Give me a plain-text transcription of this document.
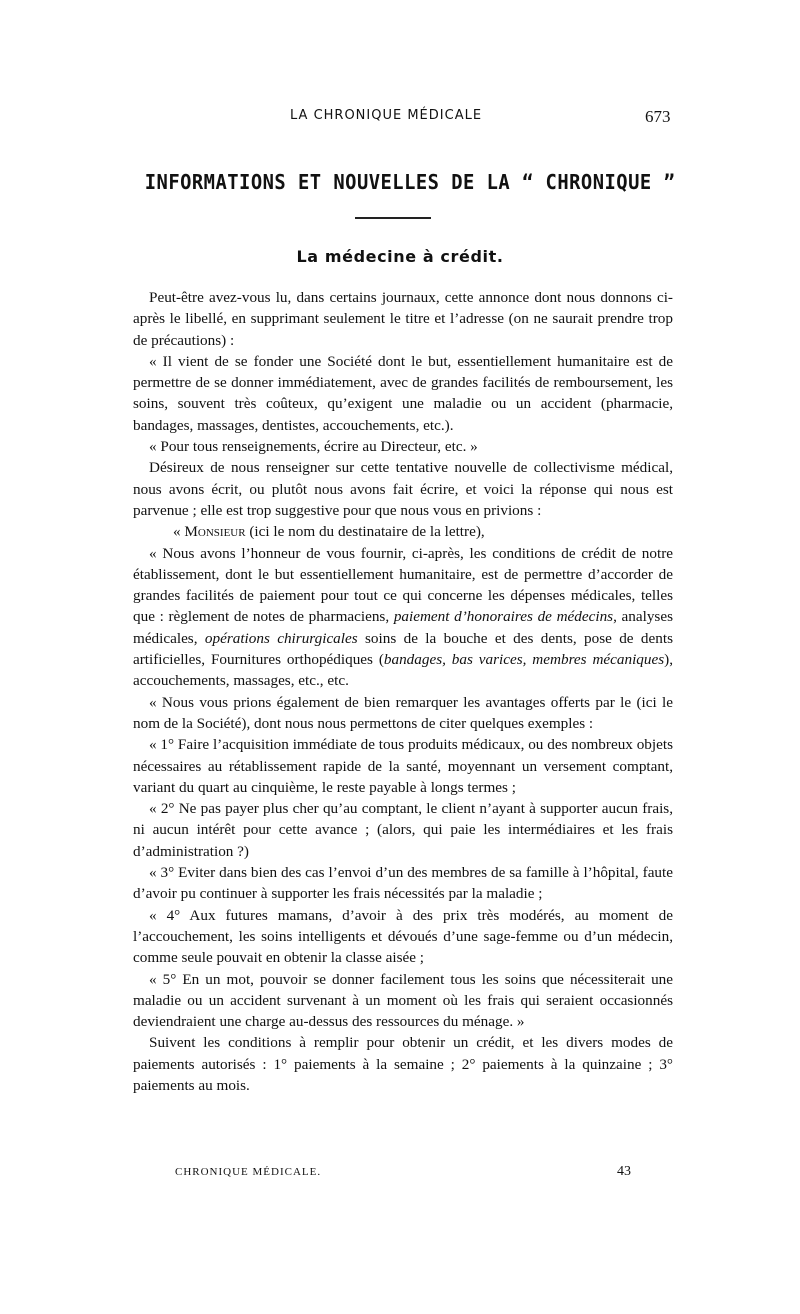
LA CHRONIQUE MÉDICALE	673
INFORMATIONS ET NOUVELLES DE LA “ CHRONIQUE ”
La médecine à crédit.

Peut-être avez-vous lu, dans certains journaux, cette annonce dont nous donnons ci-après le libellé, en supprimant seulement le titre et l’adresse (on ne saurait prendre trop de précautions) :

« Il vient de se fonder une Société dont le but, essentiellement humanitaire est de permettre de se donner immédiatement, avec de grandes facilités de remboursement, les soins, souvent très coûteux, qu’exigent une maladie ou un accident (pharmacie, bandages, massages, dentistes, accouchements, etc.).

« Pour tous renseignements, écrire au Directeur, etc. »

Désireux de nous renseigner sur cette tentative nouvelle de collectivisme médical, nous avons écrit, ou plutôt nous avons fait écrire, et voici la réponse qui nous est parvenue ; elle est trop suggestive pour que nous vous en privions :

« Monsieur (ici le nom du destinataire de la lettre),

« Nous avons l’honneur de vous fournir, ci-après, les conditions de crédit de notre établissement, dont le but essentiellement humanitaire, est de permettre d’accorder de grandes facilités de paiement pour tout ce qui concerne les dépenses médicales, telles que : règlement de notes de pharmaciens, paiement d’honoraires de médecins, analyses médicales, opérations chirurgicales soins de la bouche et des dents, pose de dents artificielles, Fournitures orthopédiques (bandages, bas varices, membres mécaniques), accouchements, massages, etc., etc.

« Nous vous prions également de bien remarquer les avantages offerts par le (ici le nom de la Société), dont nous nous permettons de citer quelques exemples :

« 1° Faire l’acquisition immédiate de tous produits médicaux, ou des nombreux objets nécessaires au rétablissement rapide de la santé, moyennant un versement comptant, variant du quart au cinquième, le reste payable à longs termes ;

« 2° Ne pas payer plus cher qu’au comptant, le client n’ayant à supporter aucun frais, ni aucun intérêt pour cette avance ; (alors, qui paie les intermédiaires et les frais d’administration ?)

« 3° Eviter dans bien des cas l’envoi d’un des membres de sa famille à l’hôpital, faute d’avoir pu continuer à supporter les frais nécessités par la maladie ;

« 4° Aux futures mamans, d’avoir à des prix très modérés, au moment de l’accouchement, les soins intelligents et dévoués d’une sage-femme ou d’un médecin, comme seule pouvait en obtenir la classe aisée ;

« 5° En un mot, pouvoir se donner facilement tous les soins que nécessiterait une maladie ou un accident survenant à un moment où les frais qui seraient occasionnés deviendraient une charge au-dessus des ressources du ménage. »

Suivent les conditions à remplir pour obtenir un crédit, et les divers modes de paiements autorisés : 1° paiements à la semaine ; 2° paiements à la quinzaine ; 3° paiements au mois.

CHRONIQUE MÉDICALE.	43
